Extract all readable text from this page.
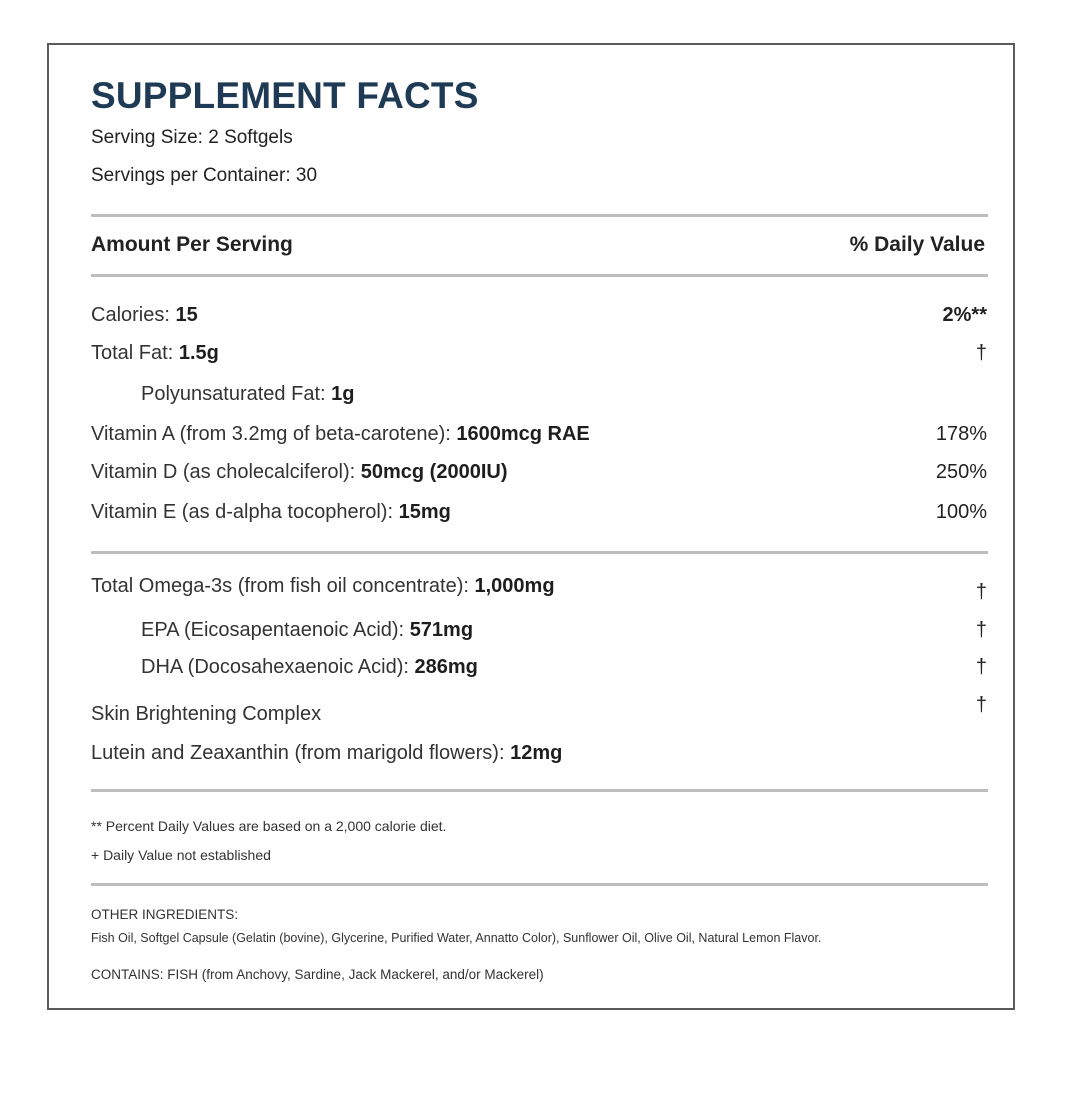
SUPPLEMENT FACTS
Serving Size: 2 Softgels
Servings per Container: 30
Amount Per Serving	% Daily Value
Calories: 15	2%**
Total Fat: 1.5g	†
Polyunsaturated Fat: 1g
Vitamin A (from 3.2mg of beta-carotene): 1600mcg RAE	178%
Vitamin D (as cholecalciferol): 50mcg (2000IU)	250%
Vitamin E (as d-alpha tocopherol): 15mg	100%
Total Omega-3s (from fish oil concentrate): 1,000mg	†
EPA (Eicosapentaenoic Acid): 571mg	†
DHA (Docosahexaenoic Acid): 286mg	†
Skin Brightening Complex	†
Lutein and Zeaxanthin (from marigold flowers): 12mg
** Percent Daily Values are based on a 2,000 calorie diet.
+ Daily Value not established
OTHER INGREDIENTS:
Fish Oil, Softgel Capsule (Gelatin (bovine), Glycerine, Purified Water, Annatto Color), Sunflower Oil, Olive Oil, Natural Lemon Flavor.
CONTAINS: FISH (from Anchovy, Sardine, Jack Mackerel, and/or Mackerel)
